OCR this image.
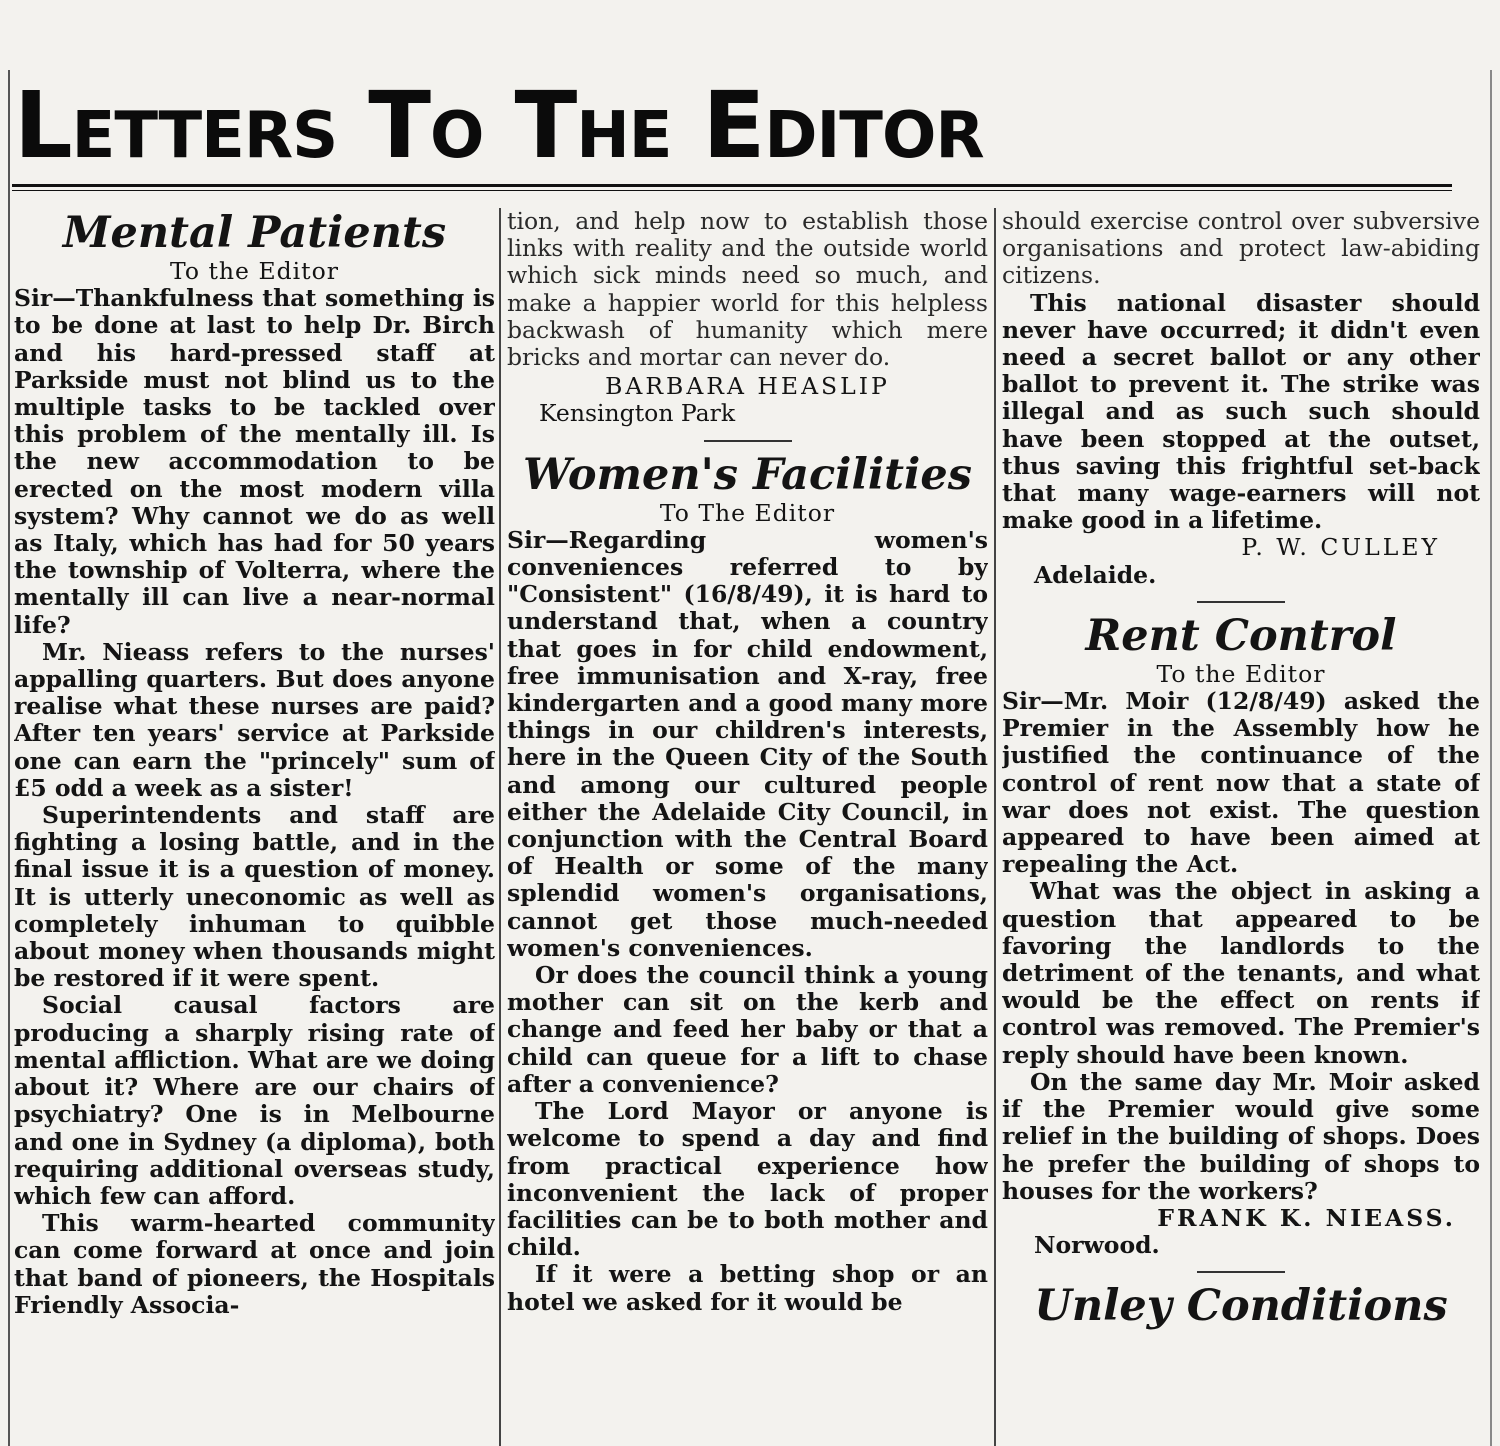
Letters To The Editor
Mental Patients
To the Editor

Sir—Thankfulness that something is to be done at last to help Dr. Birch and his hard-pressed staff at Parkside must not blind us to the multiple tasks to be tackled over this problem of the mentally ill. Is the new accommodation to be erected on the most modern villa system? Why cannot we do as well as Italy, which has had for 50 years the township of Volterra, where the mentally ill can live a near-normal life?

Mr. Nieass refers to the nurses' appalling quarters. But does anyone realise what these nurses are paid? After ten years' service at Parkside one can earn the "princely" sum of £5 odd a week as a sister!

Superintendents and staff are fighting a losing battle, and in the final issue it is a question of money. It is utterly uneconomic as well as completely inhuman to quibble about money when thousands might be restored if it were spent.

Social causal factors are producing a sharply rising rate of mental affliction. What are we doing about it? Where are our chairs of psychiatry? One is in Melbourne and one in Sydney (a diploma), both requiring additional overseas study, which few can afford.

This warm-hearted community can come forward at once and join that band of pioneers, the Hospitals Friendly Associa-

tion, and help now to establish those links with reality and the outside world which sick minds need so much, and make a happier world for this helpless backwash of humanity which mere bricks and mortar can never do.

BARBARA HEASLIP
Kensington Park
Women's Facilities
To The Editor

Sir—Regarding women's conveniences referred to by "Consistent" (16/8/49), it is hard to understand that, when a country that goes in for child endowment, free immunisation and X-ray, free kindergarten and a good many more things in our children's interests, here in the Queen City of the South and among our cultured people either the Adelaide City Council, in conjunction with the Central Board of Health or some of the many splendid women's organisations, cannot get those much-needed women's conveniences.

Or does the council think a young mother can sit on the kerb and change and feed her baby or that a child can queue for a lift to chase after a convenience?

The Lord Mayor or anyone is welcome to spend a day and find from practical experience how inconvenient the lack of proper facilities can be to both mother and child.

If it were a betting shop or an hotel we asked for it would be

should exercise control over subversive organisations and protect law-abiding citizens.

This national disaster should never have occurred; it didn't even need a secret ballot or any other ballot to prevent it. The strike was illegal and as such such should have been stopped at the outset, thus saving this frightful set-back that many wage-earners will not make good in a lifetime.

P. W. CULLEY
Adelaide.
Rent Control
To the Editor

Sir—Mr. Moir (12/8/49) asked the Premier in the Assembly how he justified the continuance of the control of rent now that a state of war does not exist. The question appeared to have been aimed at repealing the Act.

What was the object in asking a question that appeared to be favoring the landlords to the detriment of the tenants, and what would be the effect on rents if control was removed. The Premier's reply should have been known.

On the same day Mr. Moir asked if the Premier would give some relief in the building of shops. Does he prefer the building of shops to houses for the workers?

FRANK K. NIEASS.
Norwood.
Unley Conditions
